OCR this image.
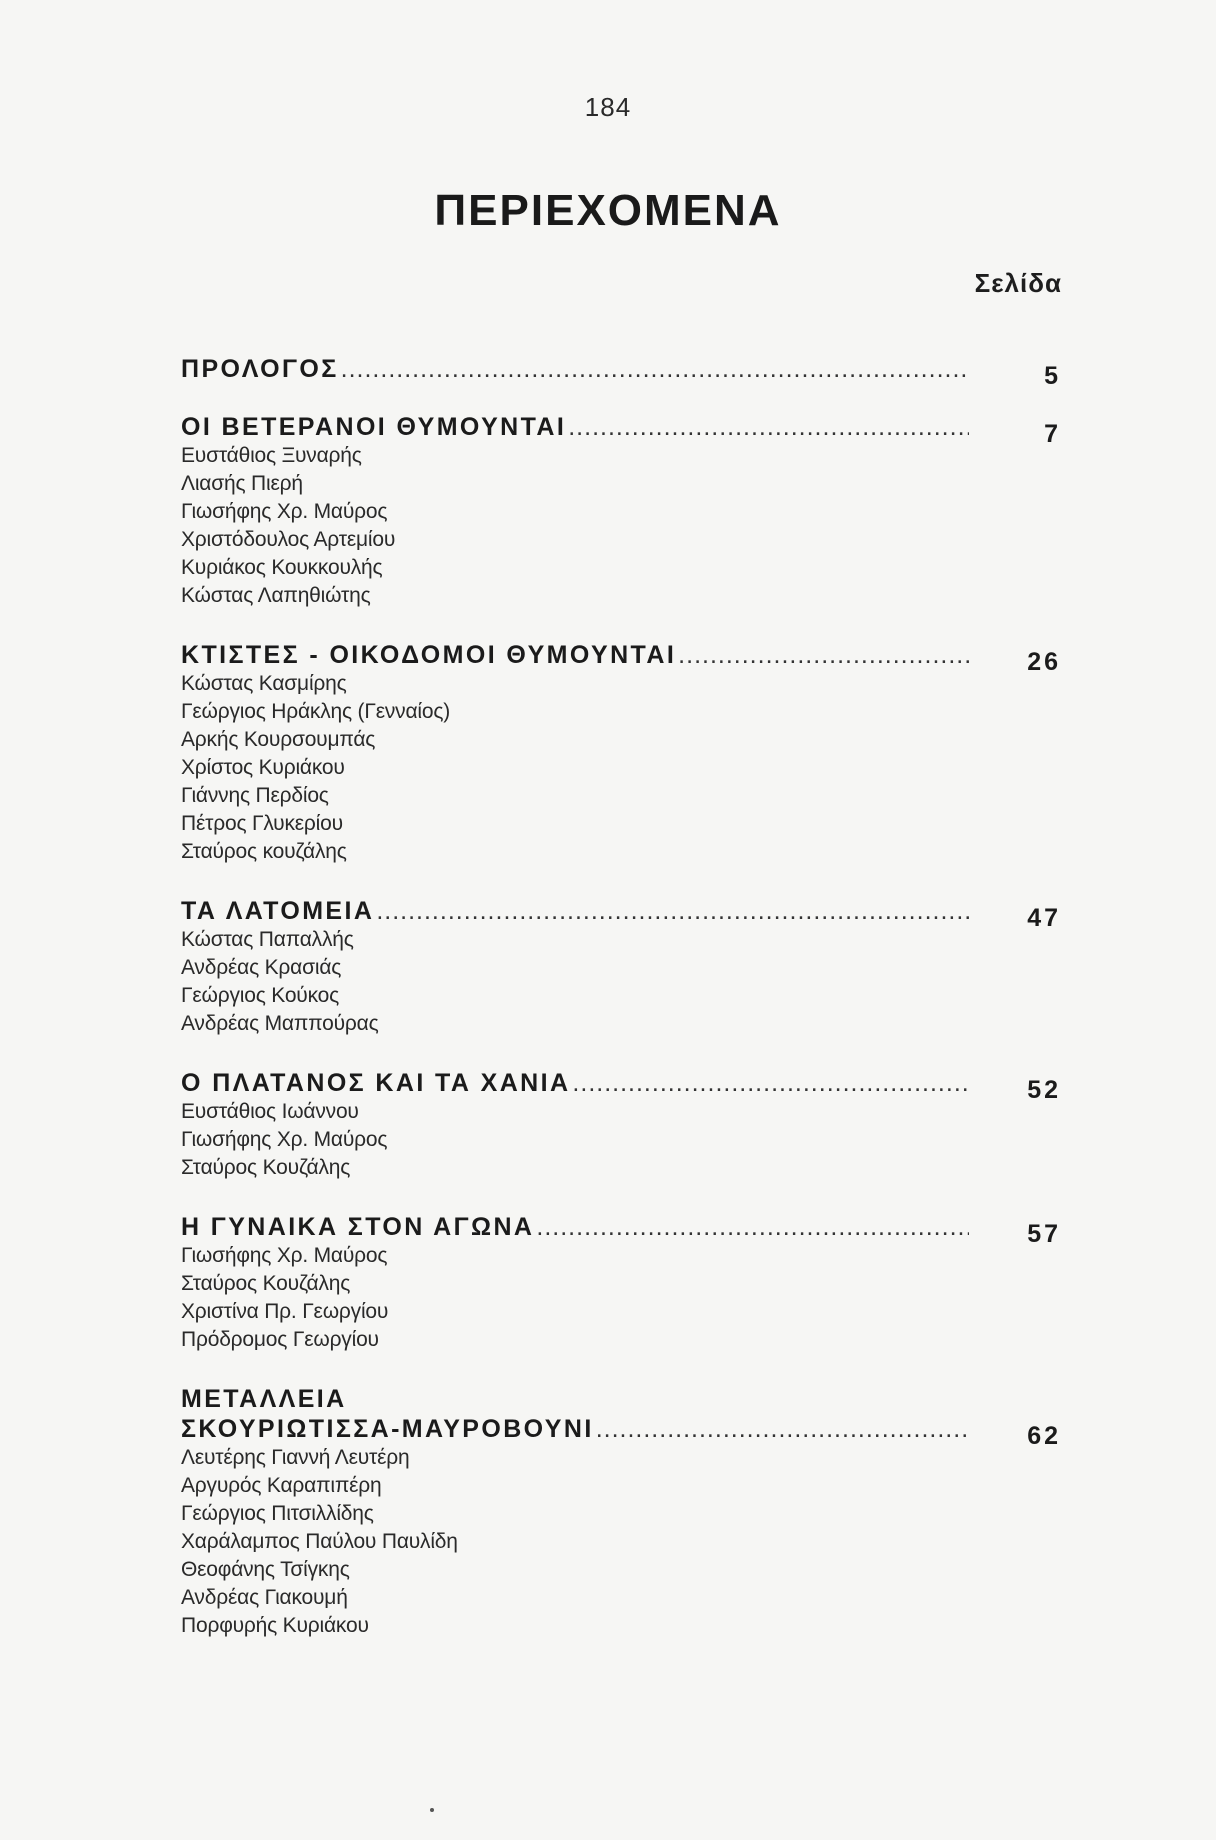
184
ΠΕΡΙΕΧΟΜΕΝΑ
Σελίδα
ΠΡΟΛΟΓΟΣ .....	5
ΟΙ ΒΕΤΕΡΑΝΟΙ ΘΥΜΟΥΝΤΑΙ .....	7
Ευστάθιος Ξυναρής
Λιασής Πιερή
Γιωσήφης Χρ. Μαύρος
Χριστόδουλος Αρτεμίου
Κυριάκος Κουκκουλής
Κώστας Λαπηθιώτης
ΚΤΙΣΤΕΣ - ΟΙΚΟΔΟΜΟΙ ΘΥΜΟΥΝΤΑΙ .....	26
Κώστας Κασμίρης
Γεώργιος Ηράκλης (Γενναίος)
Αρκής Κουρσουμπάς
Χρίστος Κυριάκου
Γιάννης Περδίος
Πέτρος Γλυκερίου
Σταύρος κουζάλης
ΤΑ ΛΑΤΟΜΕΙΑ .....	47
Κώστας Παπαλλής
Ανδρέας Κρασιάς
Γεώργιος Κούκος
Ανδρέας Μαππούρας
Ο ΠΛΑΤΑΝΟΣ ΚΑΙ ΤΑ ΧΑΝΙΑ .....	52
Ευστάθιος Ιωάννου
Γιωσήφης Χρ. Μαύρος
Σταύρος Κουζάλης
Η ΓΥΝΑΙΚΑ ΣΤΟΝ ΑΓΩΝΑ .....	57
Γιωσήφης Χρ. Μαύρος
Σταύρος Κουζάλης
Χριστίνα Πρ. Γεωργίου
Πρόδρομος Γεωργίου
ΜΕΤΑΛΛΕΙΑ
ΣΚΟΥΡΙΩΤΙΣΣΑ-ΜΑΥΡΟΒΟΥΝΙ .....	62
Λευτέρης Γιαννή Λευτέρη
Αργυρός Καραπιπέρη
Γεώργιος Πιτσιλλίδης
Χαράλαμπος Παύλου Παυλίδη
Θεοφάνης Τσίγκης
Ανδρέας Γιακουμή
Πορφυρής Κυριάκου
